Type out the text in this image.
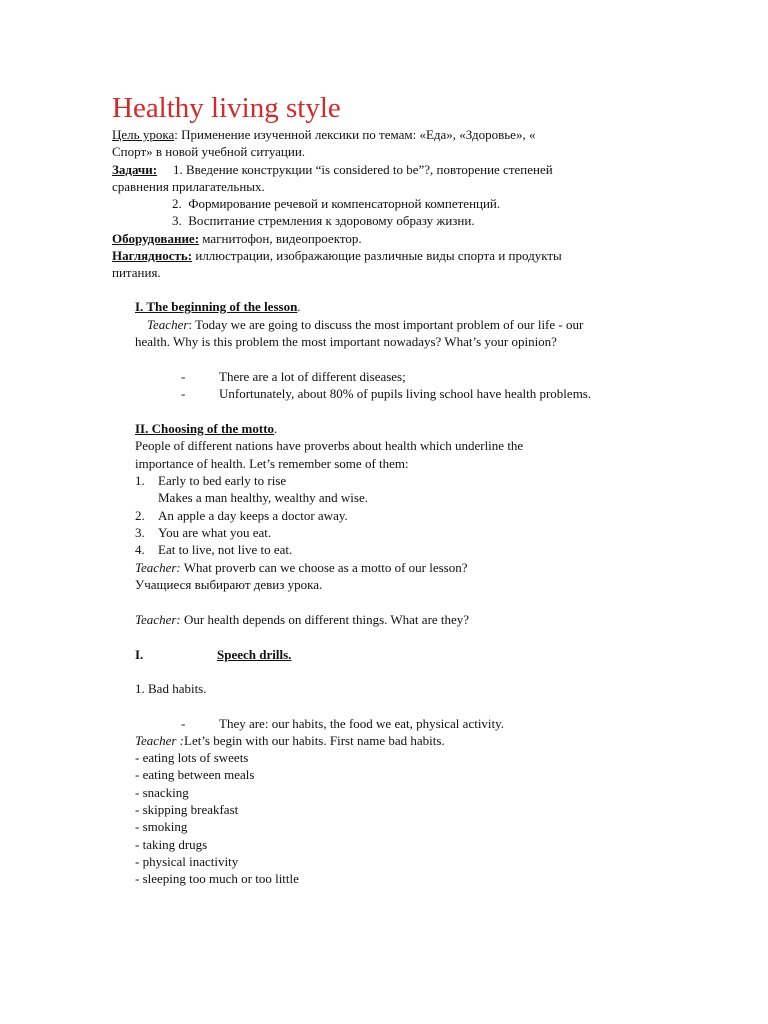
Healthy living style
Цель урока: Применение изученной лексики по темам: «Еда», «Здоровье», «
Спорт» в новой учебной ситуации.
Задачи: 1. Введение конструкции “is considered to be”?, повторение степеней
сравнения прилагательных.
2. Формирование речевой и компенсаторной компетенций.
3. Воспитание стремления к здоровому образу жизни.
Оборудование: магнитофон, видеопроектор.
Наглядность: иллюстрации, изображающие различные виды спорта и продукты
питания.
I. The beginning of the lesson.
Teacher: Today we are going to discuss the most important problem of our life - our
health. Why is this problem the most important nowadays? What’s your opinion?
-	There are a lot of different diseases;
-	Unfortunately, about 80% of pupils living school have health problems.
II. Choosing of the motto.
People of different nations have proverbs about health which underline the
importance of health. Let’s remember some of them:
1. Early to bed early to rise
Makes a man healthy, wealthy and wise.
2. An apple a day keeps a doctor away.
3. You are what you eat.
4. Eat to live, not live to eat.
Teacher: What proverb can we choose as a motto of our lesson?
Учащиеся выбирают девиз урока.
Teacher: Our health depends on different things. What are they?
I.	Speech drills.
1. Bad habits.
-	They are: our habits, the food we eat, physical activity.
Teacher :Let’s begin with our habits. First name bad habits.
- eating lots of sweets
- eating between meals
- snacking
- skipping breakfast
- smoking
- taking drugs
- physical inactivity
- sleeping too much or too little
